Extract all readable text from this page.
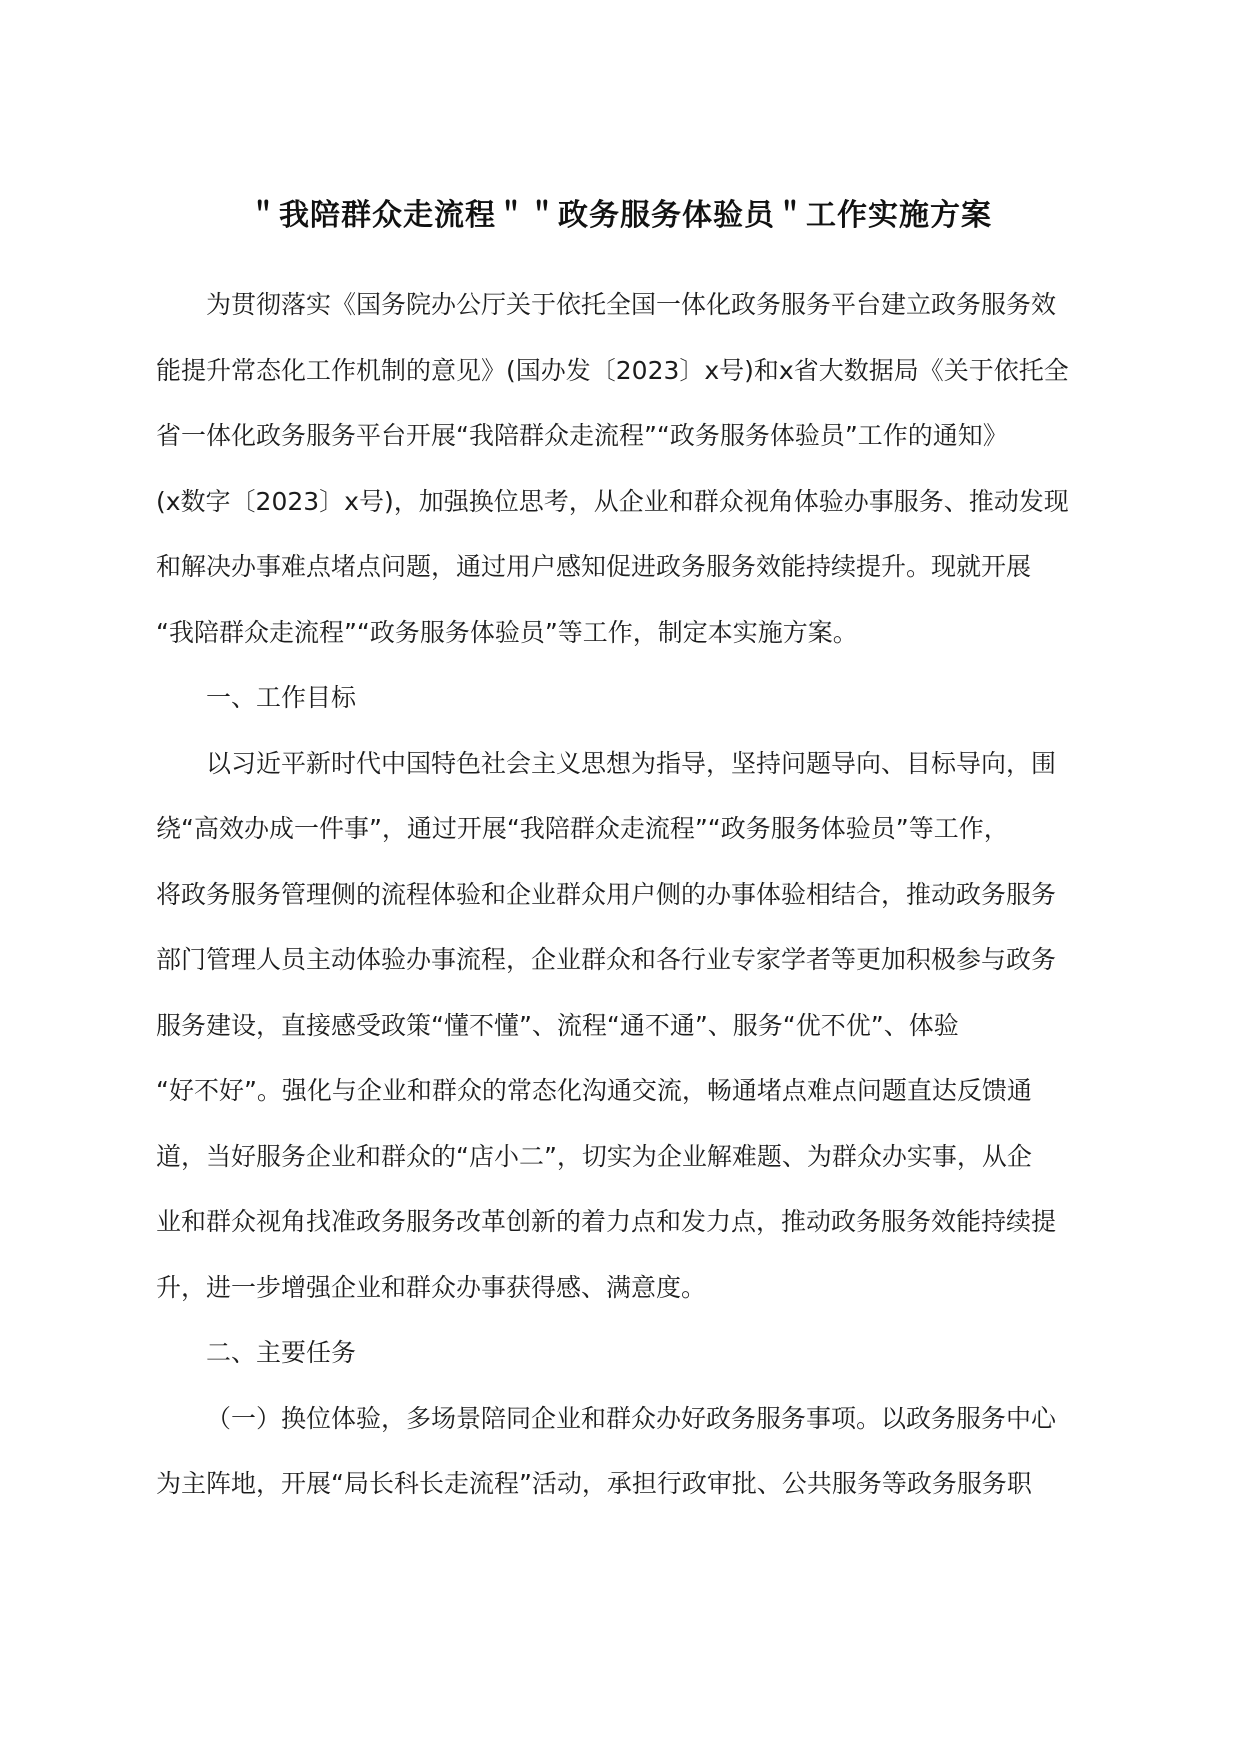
＂我陪群众走流程＂＂政务服务体验员＂工作实施方案
为贯彻落实《国务院办公厅关于依托全国一体化政务服务平台建立政务服务效
能提升常态化工作机制的意见》(国办发〔2023〕x号)和x省大数据局《关于依托全
省一体化政务服务平台开展“我陪群众走流程”“政务服务体验员”工作的通知》
(x数字〔2023〕x号)，加强换位思考，从企业和群众视角体验办事服务、推动发现
和解决办事难点堵点问题，通过用户感知促进政务服务效能持续提升。现就开展
“我陪群众走流程”“政务服务体验员”等工作，制定本实施方案。
一、工作目标
以习近平新时代中国特色社会主义思想为指导，坚持问题导向、目标导向，围
绕“高效办成一件事”，通过开展“我陪群众走流程”“政务服务体验员”等工作，
将政务服务管理侧的流程体验和企业群众用户侧的办事体验相结合，推动政务服务
部门管理人员主动体验办事流程，企业群众和各行业专家学者等更加积极参与政务
服务建设，直接感受政策“懂不懂”、流程“通不通”、服务“优不优”、体验
“好不好”。强化与企业和群众的常态化沟通交流，畅通堵点难点问题直达反馈通
道，当好服务企业和群众的“店小二”，切实为企业解难题、为群众办实事，从企
业和群众视角找准政务服务改革创新的着力点和发力点，推动政务服务效能持续提
升，进一步增强企业和群众办事获得感、满意度。
二、主要任务
（一）换位体验，多场景陪同企业和群众办好政务服务事项。以政务服务中心
为主阵地，开展“局长科长走流程”活动，承担行政审批、公共服务等政务服务职
